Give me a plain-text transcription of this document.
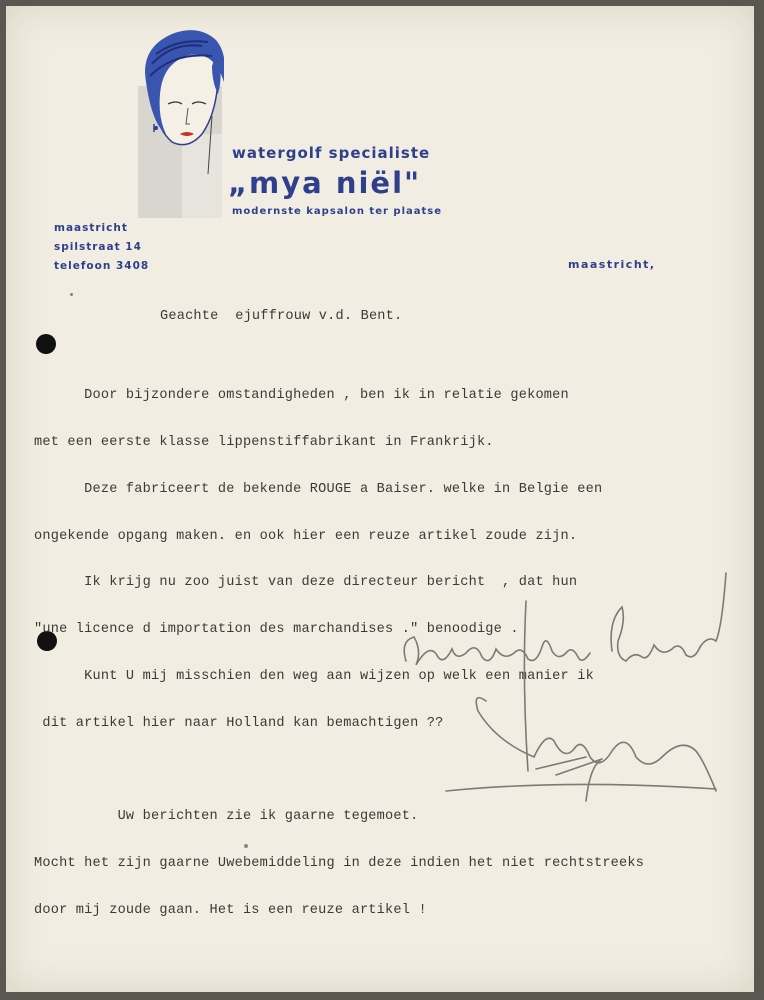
watergolf specialiste
„mya niël"
modernste kapsalon ter plaatse
maastricht
spilstraat 14
telefoon 3408	maastricht,
Geachte  ejuffrouw v.d. Bent.

Door bijzondere omstandigheden , ben ik in relatie gekomen

met een eerste klasse lippenstiffabrikant in Frankrijk.

Deze fabriceert de bekende ROUGE a Baiser. welke in Belgie een

ongekende opgang maken. en ook hier een reuze artikel zoude zijn.

Ik krijg nu zoo juist van deze directeur bericht  , dat hun

"une licence d importation des marchandises ." benoodige .

Kunt U mij misschien den weg aan wijzen op welk een manier ik

dit artikel hier naar Holland kan bemachtigen ??

Uw berichten zie ik gaarne tegemoet.

Mocht het zijn gaarne Uwebemiddeling in deze indien het niet rechtstreeks

door mij zoude gaan. Het is een reuze artikel !
